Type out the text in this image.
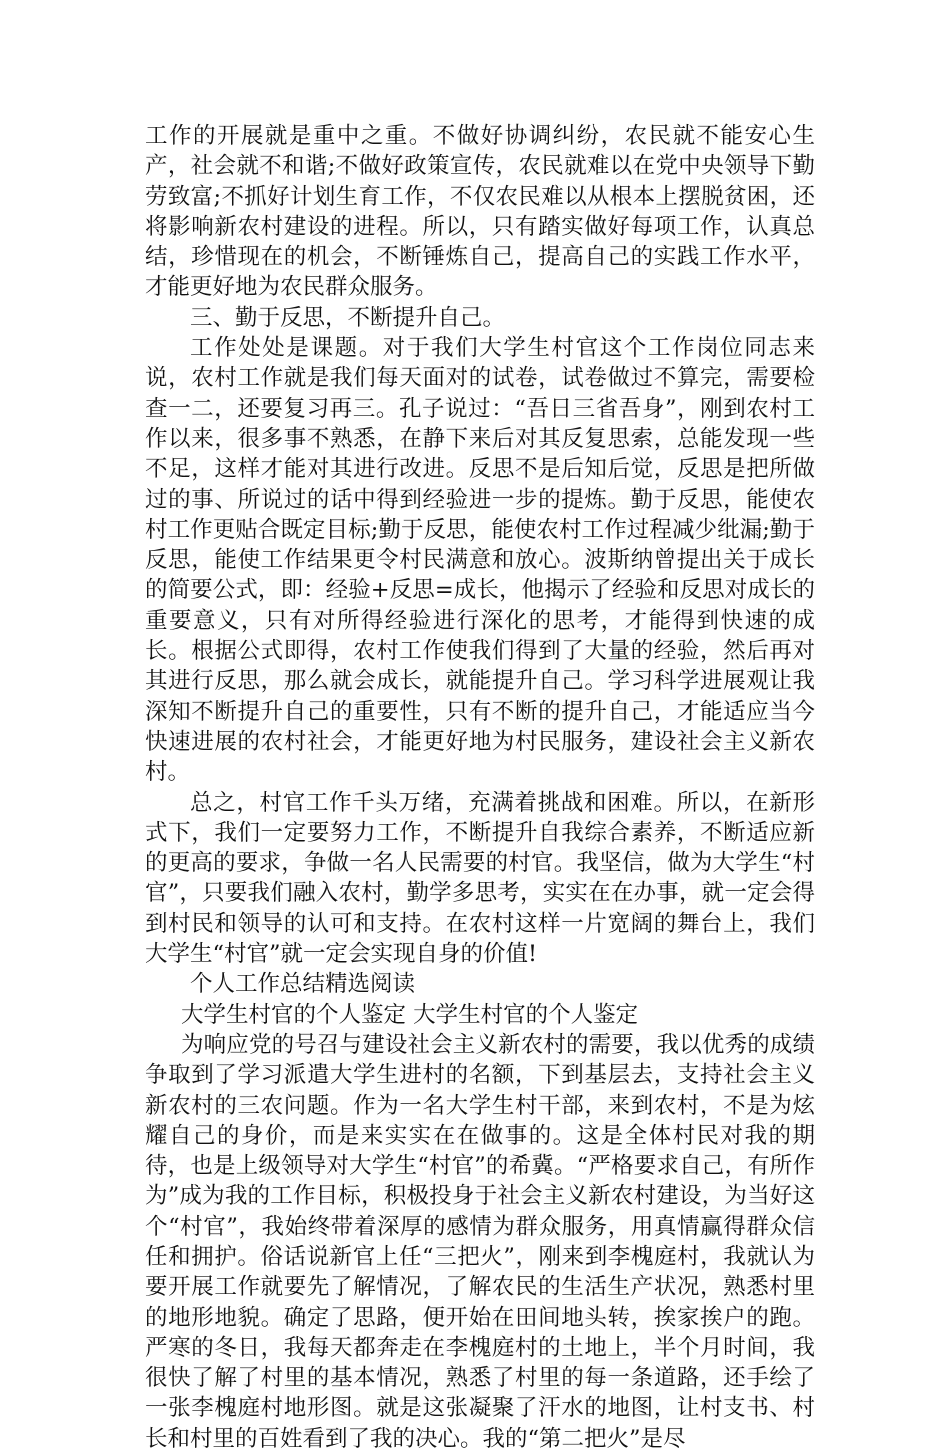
工作的开展就是重中之重。不做好协调纠纷，农民就不能安心生产，社会就不和谐;不做好政策宣传，农民就难以在党中央领导下勤劳致富;不抓好计划生育工作，不仅农民难以从根本上摆脱贫困，还将影响新农村建设的进程。所以，只有踏实做好每项工作，认真总结，珍惜现在的机会，不断锤炼自己，提高自己的实践工作水平，才能更好地为农民群众服务。

三、勤于反思，不断提升自己。

工作处处是课题。对于我们大学生村官这个工作岗位同志来说，农村工作就是我们每天面对的试卷，试卷做过不算完，需要检查一二，还要复习再三。孔子说过：“吾日三省吾身”，刚到农村工作以来，很多事不熟悉，在静下来后对其反复思索，总能发现一些不足，这样才能对其进行改进。反思不是后知后觉，反思是把所做过的事、所说过的话中得到经验进一步的提炼。勤于反思，能使农村工作更贴合既定目标;勤于反思，能使农村工作过程减少纰漏;勤于反思，能使工作结果更令村民满意和放心。波斯纳曾提出关于成长的简要公式，即：经验+反思=成长，他揭示了经验和反思对成长的重要意义，只有对所得经验进行深化的思考，才能得到快速的成长。根据公式即得，农村工作使我们得到了大量的经验，然后再对其进行反思，那么就会成长，就能提升自己。学习科学进展观让我深知不断提升自己的重要性，只有不断的提升自己，才能适应当今快速进展的农村社会，才能更好地为村民服务，建设社会主义新农村。

总之，村官工作千头万绪，充满着挑战和困难。所以，在新形式下，我们一定要努力工作，不断提升自我综合素养，不断适应新的更高的要求，争做一名人民需要的村官。我坚信，做为大学生“村官”，只要我们融入农村，勤学多思考，实实在在办事，就一定会得到村民和领导的认可和支持。在农村这样一片宽阔的舞台上，我们大学生“村官”就一定会实现自身的价值!

个人工作总结精选阅读

大学生村官的个人鉴定 大学生村官的个人鉴定

为响应党的号召与建设社会主义新农村的需要，我以优秀的成绩争取到了学习派遣大学生进村的名额，下到基层去，支持社会主义新农村的三农问题。作为一名大学生村干部，来到农村，不是为炫耀自己的身价，而是来实实在在做事的。这是全体村民对我的期待，也是上级领导对大学生“村官”的希冀。“严格要求自己，有所作为”成为我的工作目标，积极投身于社会主义新农村建设，为当好这个“村官”，我始终带着深厚的感情为群众服务，用真情赢得群众信任和拥护。俗话说新官上任“三把火”，刚来到李槐庭村，我就认为要开展工作就要先了解情况，了解农民的生活生产状况，熟悉村里的地形地貌。确定了思路，便开始在田间地头转，挨家挨户的跑。严寒的冬日，我每天都奔走在李槐庭村的土地上，半个月时间，我很快了解了村里的基本情况，熟悉了村里的每一条道路，还手绘了一张李槐庭村地形图。就是这张凝聚了汗水的地图，让村支书、村长和村里的百姓看到了我的决心。我的“第二把火”是尽
